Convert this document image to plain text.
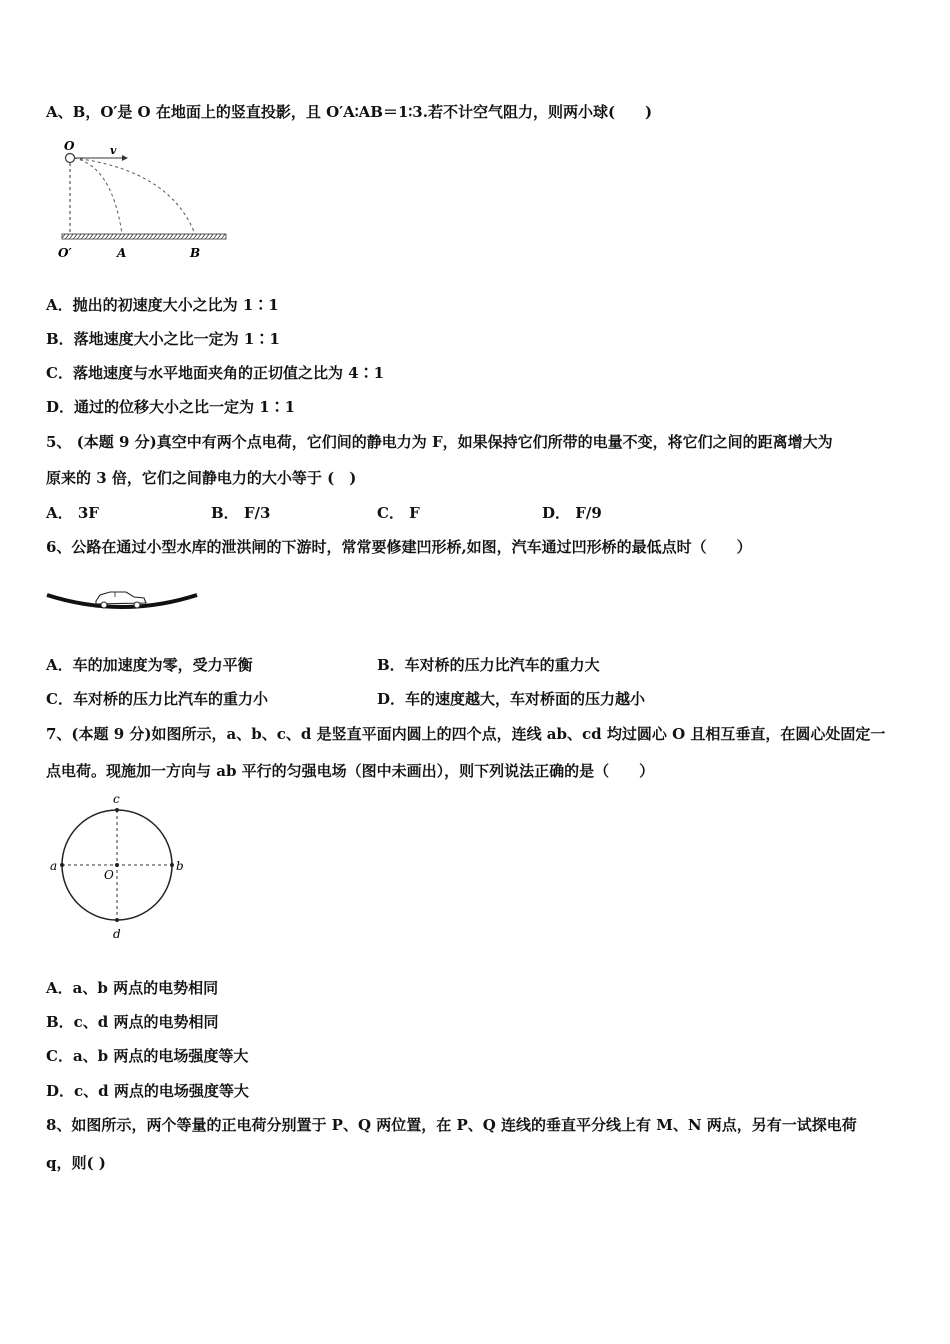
A、B，O′是 O 在地面上的竖直投影，且 O′A∶AB＝1∶3.若不计空气阻力，则两小球(　　)
O	v
O′	A	B
A．抛出的初速度大小之比为 1∶1
B．落地速度大小之比一定为 1∶1
C．落地速度与水平地面夹角的正切值之比为 4∶1
D．通过的位移大小之比一定为 1∶1
5、 (本题 9 分)真空中有两个点电荷，它们间的静电力为 F，如果保持它们所带的电量不变，将它们之间的距离增大为
原来的 3 倍，它们之间静电力的大小等于 (　)
A． 3F	B． F/3	C． F	D． F/9
6、公路在通过小型水库的泄洪闸的下游时，常常要修建凹形桥,如图，汽车通过凹形桥的最低点时（　　）
A．车的加速度为零，受力平衡	B．车对桥的压力比汽车的重力大
C．车对桥的压力比汽车的重力小	D．车的速度越大，车对桥面的压力越小
7、(本题 9 分)如图所示，a、b、c、d 是竖直平面内圆上的四个点，连线 ab、cd 均过圆心 O 且相互垂直，在圆心处固定一
点电荷。现施加一方向与 ab 平行的匀强电场（图中未画出），则下列说法正确的是（　　）
a	b
c
d
O
A．a、b 两点的电势相同
B．c、d 两点的电势相同
C．a、b 两点的电场强度等大
D．c、d 两点的电场强度等大
8、如图所示，两个等量的正电荷分别置于 P、Q 两位置，在 P、Q 连线的垂直平分线上有 M、N 两点，另有一试探电荷
q，则( )
